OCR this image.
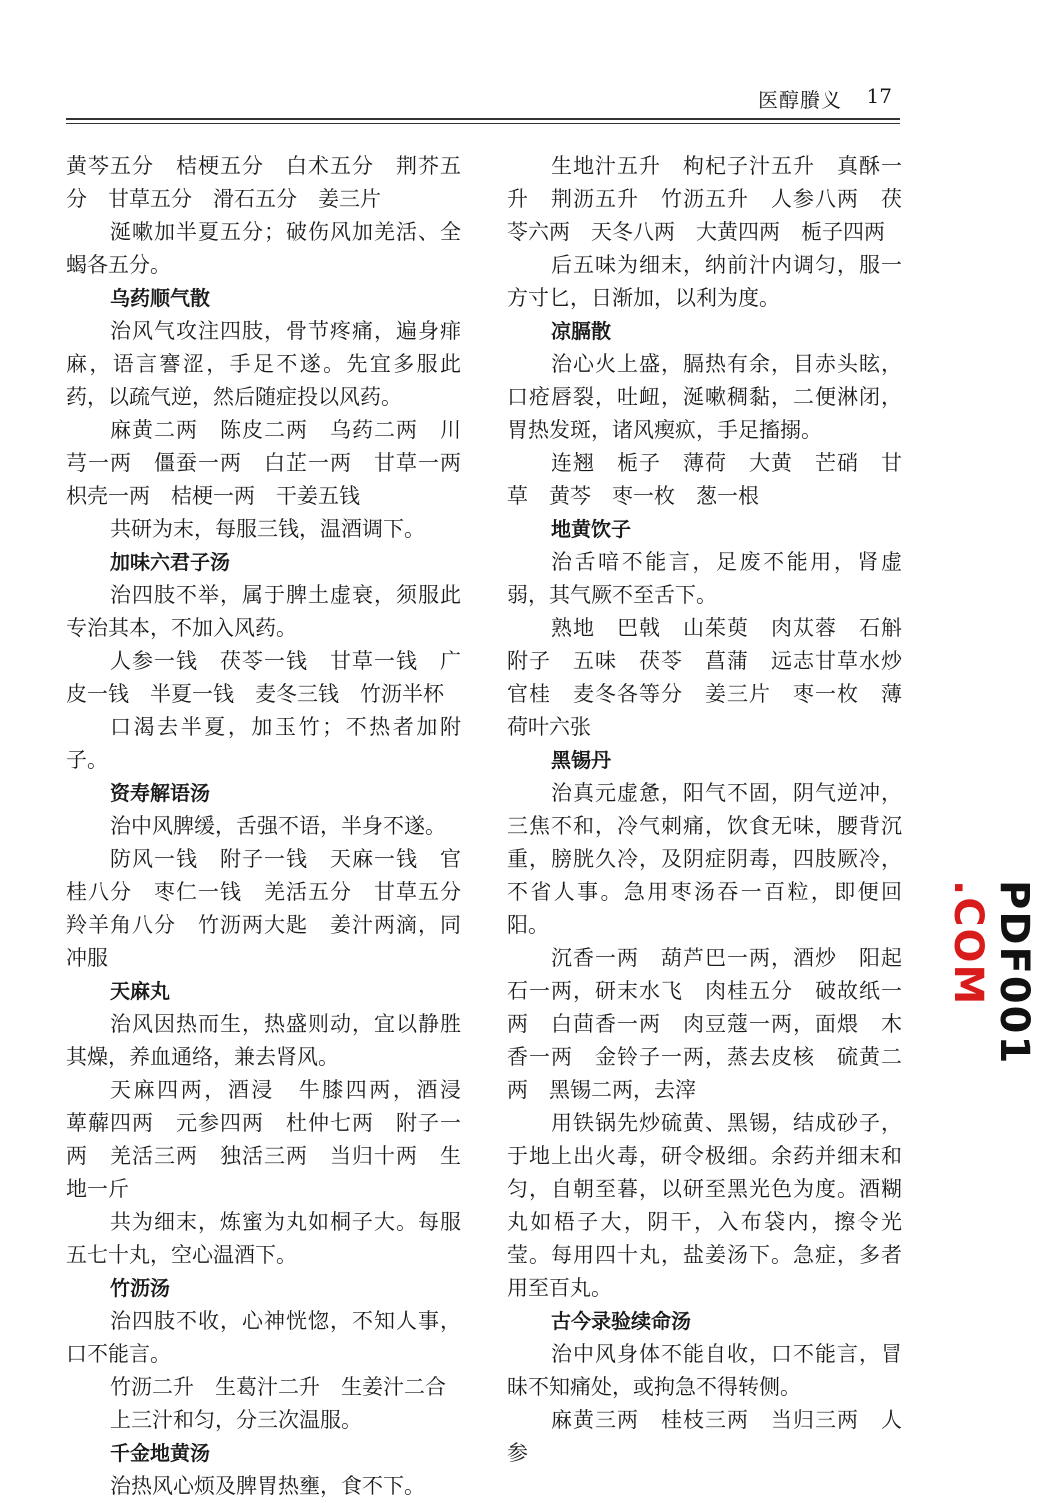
医醇賸义 17

黄芩五分　桔梗五分　白术五分　荆芥五分　甘草五分　滑石五分　姜三片

涎嗽加半夏五分；破伤风加羌活、全蝎各五分。

乌药顺气散

治风气攻注四肢，骨节疼痛，遍身痱麻，语言謇涩，手足不遂。先宜多服此药，以疏气逆，然后随症投以风药。

麻黄二两　陈皮二两　乌药二两　川芎一两　僵蚕一两　白芷一两　甘草一两　枳壳一两　桔梗一两　干姜五钱

共研为末，每服三钱，温酒调下。

加味六君子汤

治四肢不举，属于脾土虚衰，须服此专治其本，不加入风药。

人参一钱　茯苓一钱　甘草一钱　广皮一钱　半夏一钱　麦冬三钱　竹沥半杯

口渴去半夏，加玉竹；不热者加附子。

资寿解语汤

治中风脾缓，舌强不语，半身不遂。

防风一钱　附子一钱　天麻一钱　官桂八分　枣仁一钱　羌活五分　甘草五分　羚羊角八分　竹沥两大匙　姜汁两滴，同冲服

天麻丸

治风因热而生，热盛则动，宜以静胜其燥，养血通络，兼去肾风。

天麻四两，酒浸　牛膝四两，酒浸　萆薢四两　元参四两　杜仲七两　附子一两　羌活三两　独活三两　当归十两　生地一斤

共为细末，炼蜜为丸如桐子大。每服五七十丸，空心温酒下。

竹沥汤

治四肢不收，心神恍惚，不知人事，口不能言。

竹沥二升　生葛汁二升　生姜汁二合

上三汁和匀，分三次温服。

千金地黄汤

治热风心烦及脾胃热壅，食不下。

生地汁五升　枸杞子汁五升　真酥一升　荆沥五升　竹沥五升　人参八两　茯苓六两　天冬八两　大黄四两　栀子四两

后五味为细末，纳前汁内调匀，服一方寸匕，日渐加，以利为度。

凉膈散

治心火上盛，膈热有余，目赤头眩，口疮唇裂，吐衄，涎嗽稠黏，二便淋闭，胃热发斑，诸风瘈疭，手足搐搦。

连翘　栀子　薄荷　大黄　芒硝　甘草　黄芩　枣一枚　葱一根

地黄饮子

治舌喑不能言，足废不能用，肾虚弱，其气厥不至舌下。

熟地　巴戟　山茱萸　肉苁蓉　石斛　附子　五味　茯苓　菖蒲　远志甘草水炒　官桂　麦冬各等分　姜三片　枣一枚　薄荷叶六张

黑锡丹

治真元虚惫，阳气不固，阴气逆冲，三焦不和，冷气刺痛，饮食无味，腰背沉重，膀胱久冷，及阴症阴毒，四肢厥冷，不省人事。急用枣汤吞一百粒，即便回阳。

沉香一两　葫芦巴一两，酒炒　阳起石一两，研末水飞　肉桂五分　破故纸一两　白茴香一两　肉豆蔻一两，面煨　木香一两　金铃子一两，蒸去皮核　硫黄二两　黑锡二两，去滓

用铁锅先炒硫黄、黑锡，结成砂子，于地上出火毒，研令极细。余药并细末和匀，自朝至暮，以研至黑光色为度。酒糊丸如梧子大，阴干，入布袋内，擦令光莹。每用四十丸，盐姜汤下。急症，多者用至百丸。

古今录验续命汤

治中风身体不能自收，口不能言，冒昧不知痛处，或拘急不得转侧。

麻黄三两　桂枝三两　当归三两　人参

PDF001
.COM
